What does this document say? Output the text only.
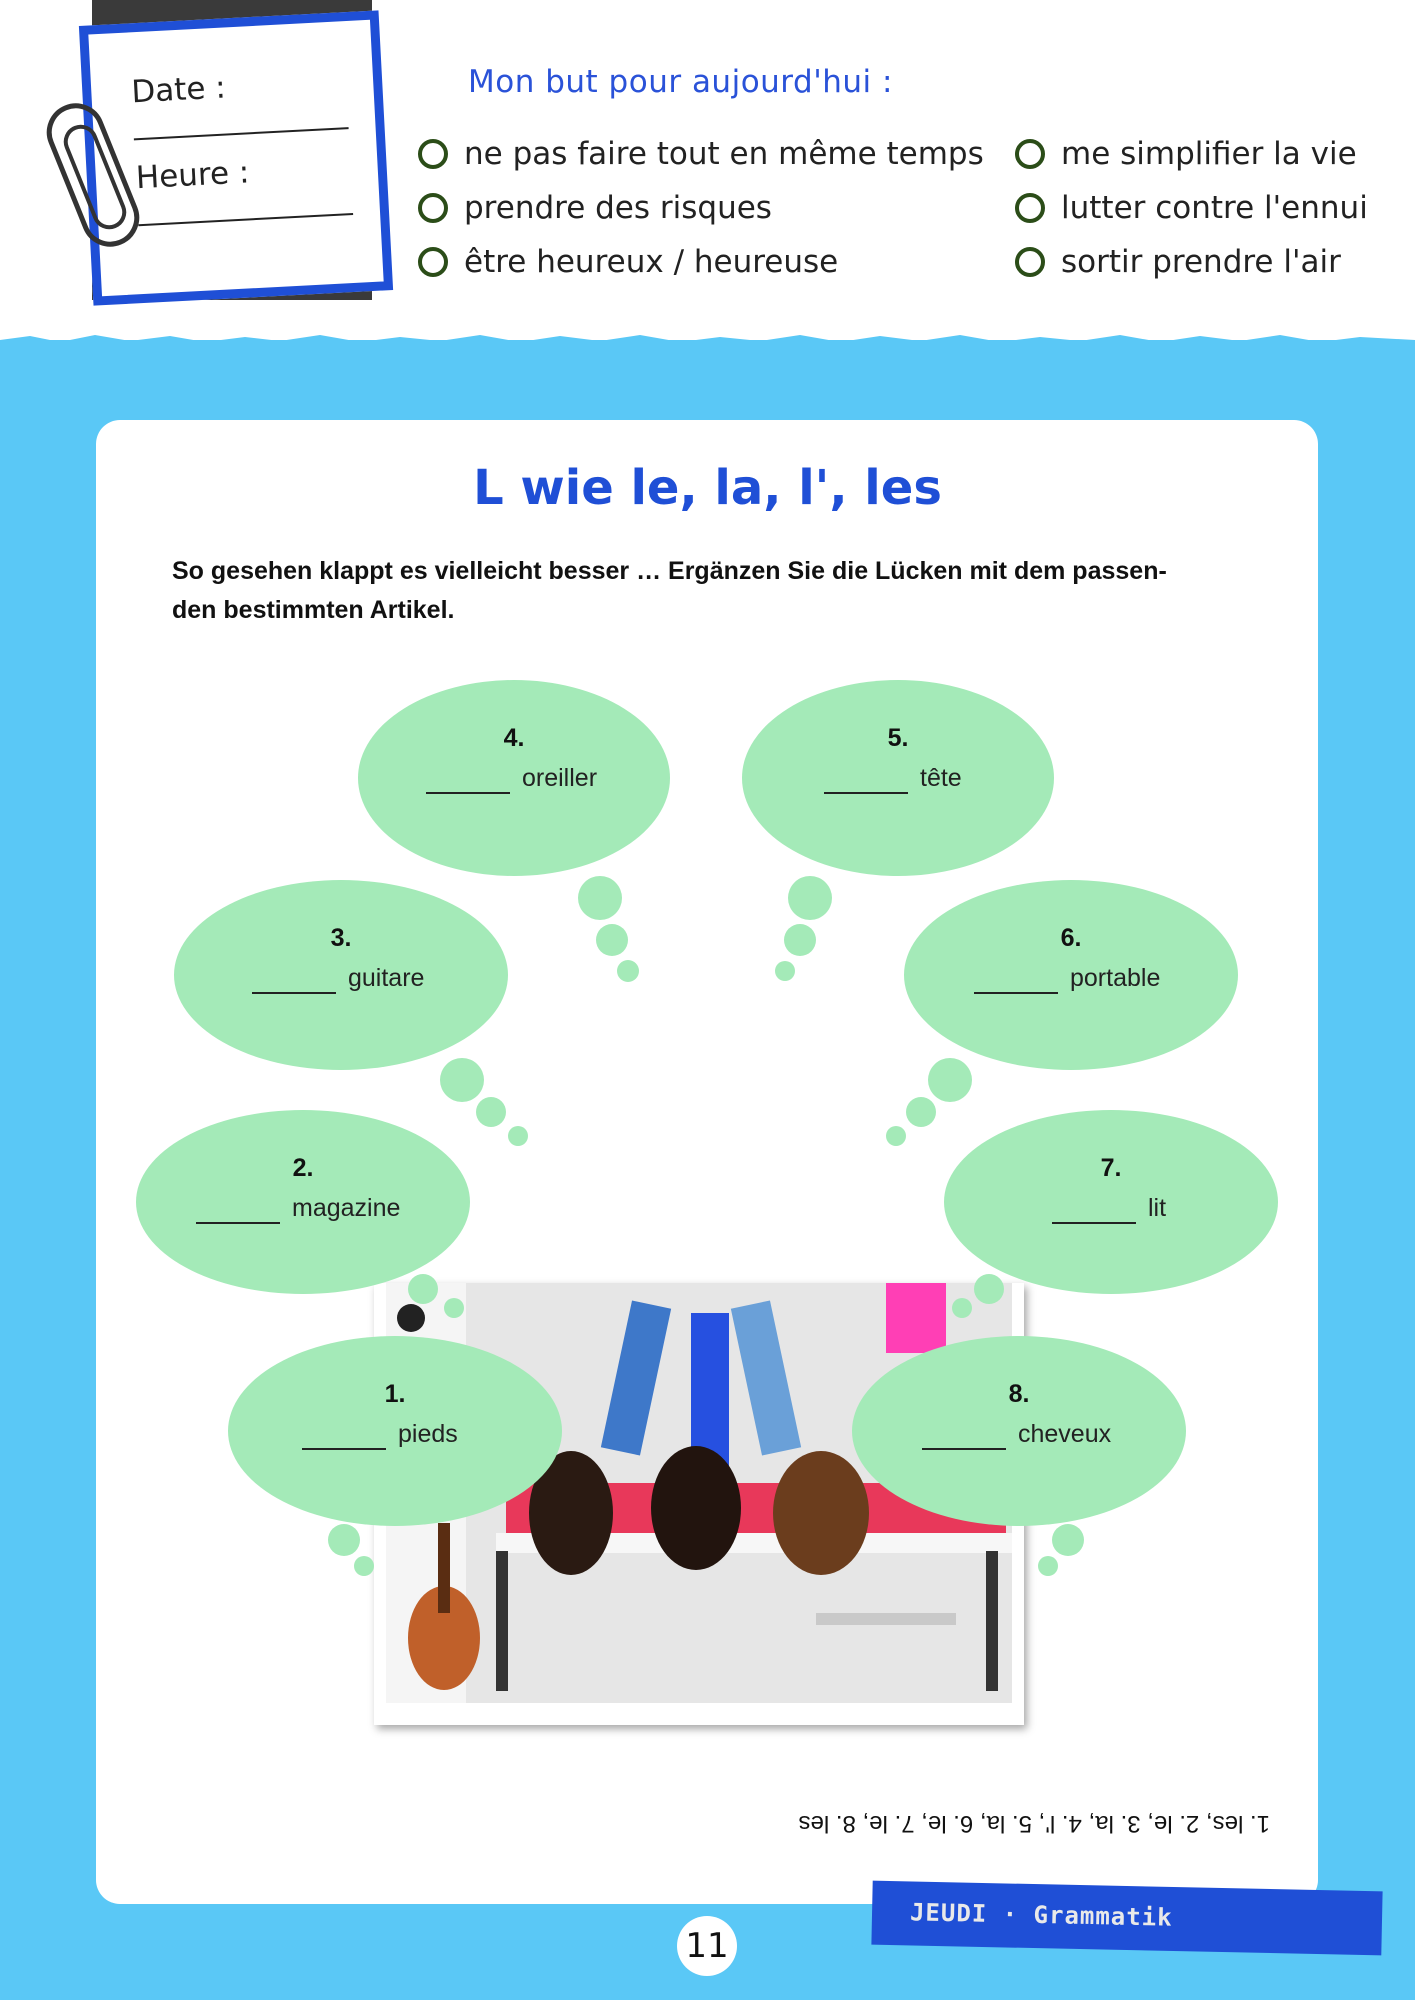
Date :
Heure :
Mon but pour aujourd'hui :
ne pas faire tout en même temps
prendre des risques
être heureux / heureuse
me simplifier la vie
lutter contre l'ennui
sortir prendre l'air
L wie le, la, l', les
So gesehen klappt es vielleicht besser … Ergänzen Sie die Lücken mit dem passen- den bestimmten Artikel.
4.
oreiller
5.
tête
3.
guitare
6.
portable
2.
magazine
7.
lit
1.
pieds
8.
cheveux
1. les, 2. le, 3. la, 4. l', 5. la, 6. le, 7. le, 8. les
JEUDI · Grammatik
11
